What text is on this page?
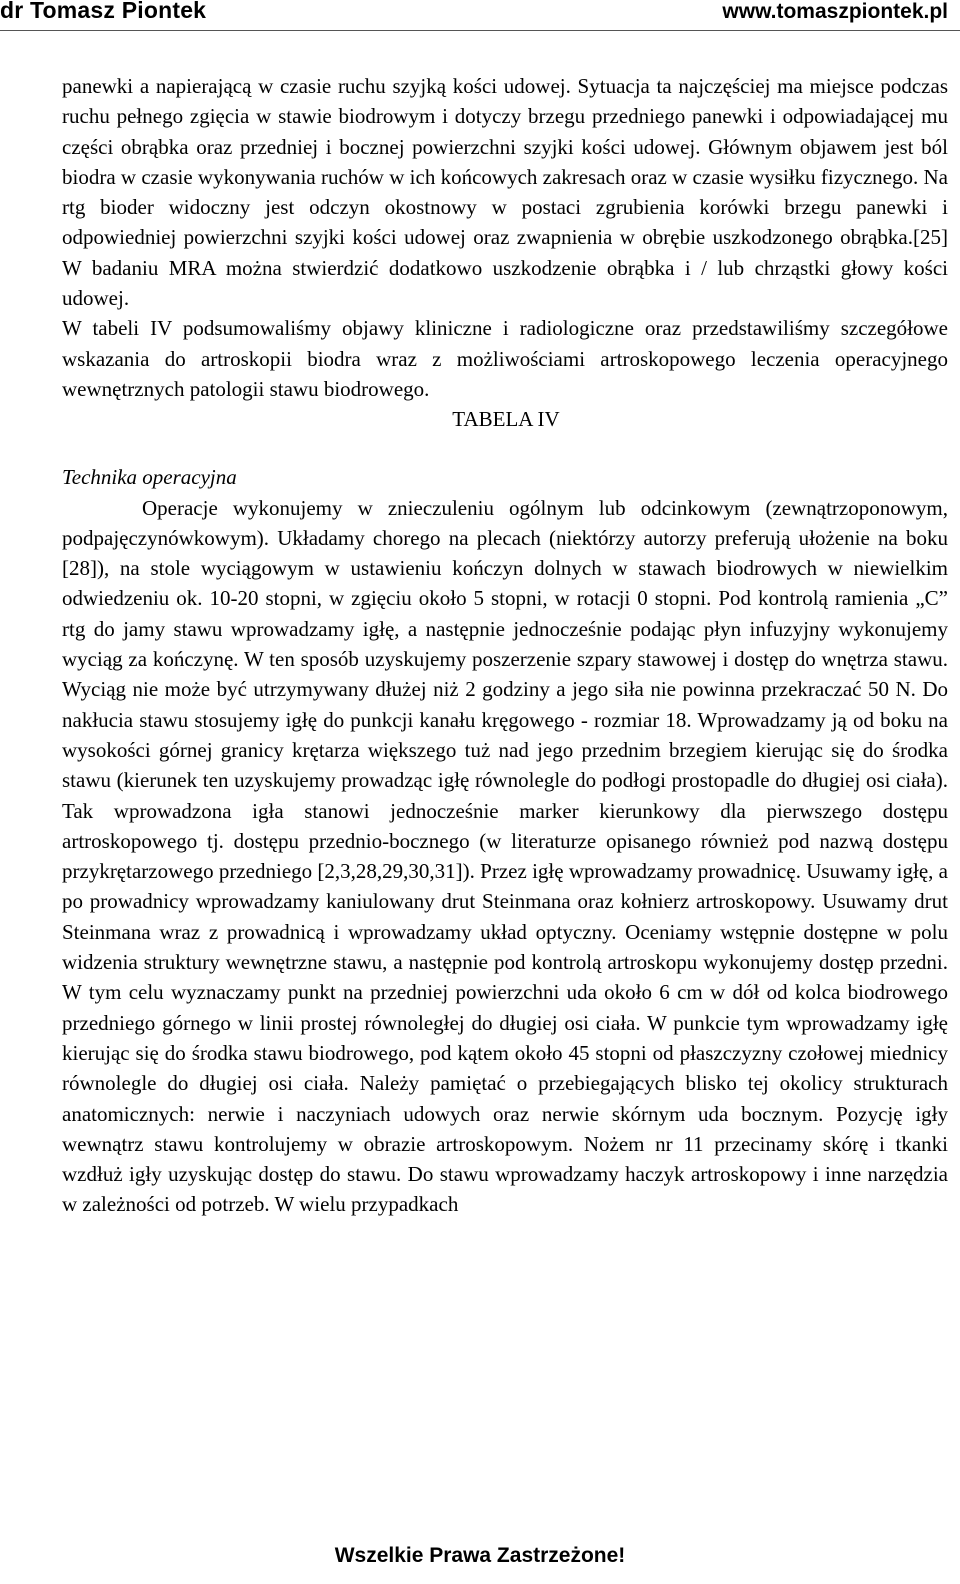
dr Tomasz Piontek	www.tomaszpiontek.pl

panewki a napierającą w czasie ruchu szyjką kości udowej. Sytuacja ta najczęściej ma miejsce podczas ruchu pełnego zgięcia w stawie biodrowym i dotyczy brzegu przedniego panewki i odpowiadającej mu części obrąbka oraz przedniej i bocznej powierzchni szyjki kości udowej. Głównym objawem jest ból biodra w czasie wykonywania ruchów w ich końcowych zakresach oraz w czasie wysiłku fizycznego. Na rtg bioder widoczny jest odczyn okostnowy w postaci zgrubienia korówki brzegu panewki i odpowiedniej powierzchni szyjki kości udowej oraz zwapnienia w obrębie uszkodzonego obrąbka.[25] W badaniu MRA można stwierdzić dodatkowo uszkodzenie obrąbka i / lub chrząstki głowy kości udowej.

W tabeli IV podsumowaliśmy objawy kliniczne i radiologiczne oraz przedstawiliśmy szczegółowe wskazania do artroskopii biodra wraz z możliwościami artroskopowego leczenia operacyjnego wewnętrznych patologii stawu biodrowego.

TABELA IV
Technika operacyjna

Operacje wykonujemy w znieczuleniu ogólnym lub odcinkowym (zewnątrzoponowym, podpajęczynówkowym). Układamy chorego na plecach (niektórzy autorzy preferują ułożenie na boku [28]), na stole wyciągowym w ustawieniu kończyn dolnych w stawach biodrowych w niewielkim odwiedzeniu ok. 10-20 stopni, w zgięciu około 5 stopni, w rotacji 0 stopni. Pod kontrolą ramienia „C” rtg do jamy stawu wprowadzamy igłę, a następnie jednocześnie podając płyn infuzyjny wykonujemy wyciąg za kończynę. W ten sposób uzyskujemy poszerzenie szpary stawowej i dostęp do wnętrza stawu. Wyciąg nie może być utrzymywany dłużej niż 2 godziny a jego siła nie powinna przekraczać 50 N. Do nakłucia stawu stosujemy igłę do punkcji kanału kręgowego - rozmiar 18. Wprowadzamy ją od boku na wysokości górnej granicy krętarza większego tuż nad jego przednim brzegiem kierując się do środka stawu (kierunek ten uzyskujemy prowadząc igłę równolegle do podłogi prostopadle do długiej osi ciała). Tak wprowadzona igła stanowi jednocześnie marker kierunkowy dla pierwszego dostępu artroskopowego tj. dostępu przednio-bocznego (w literaturze opisanego również pod nazwą dostępu przykrętarzowego przedniego [2,3,28,29,30,31]). Przez igłę wprowadzamy prowadnicę. Usuwamy igłę, a po prowadnicy wprowadzamy kaniulowany drut Steinmana oraz kołnierz artroskopowy. Usuwamy drut Steinmana wraz z prowadnicą i wprowadzamy układ optyczny. Oceniamy wstępnie dostępne w polu widzenia struktury wewnętrzne stawu, a następnie pod kontrolą artroskopu wykonujemy dostęp przedni. W tym celu wyznaczamy punkt na przedniej powierzchni uda około 6 cm w dół od kolca biodrowego przedniego górnego w linii prostej równoległej do długiej osi ciała. W punkcie tym wprowadzamy igłę kierując się do środka stawu biodrowego, pod kątem około 45 stopni od płaszczyzny czołowej miednicy równolegle do długiej osi ciała. Należy pamiętać o przebiegających blisko tej okolicy strukturach anatomicznych: nerwie i naczyniach udowych oraz nerwie skórnym uda bocznym. Pozycję igły wewnątrz stawu kontrolujemy w obrazie artroskopowym. Nożem nr 11 przecinamy skórę i tkanki wzdłuż igły uzyskując dostęp do stawu. Do stawu wprowadzamy haczyk artroskopowy i inne narzędzia w zależności od potrzeb. W wielu przypadkach

Wszelkie Prawa Zastrzeżone!
